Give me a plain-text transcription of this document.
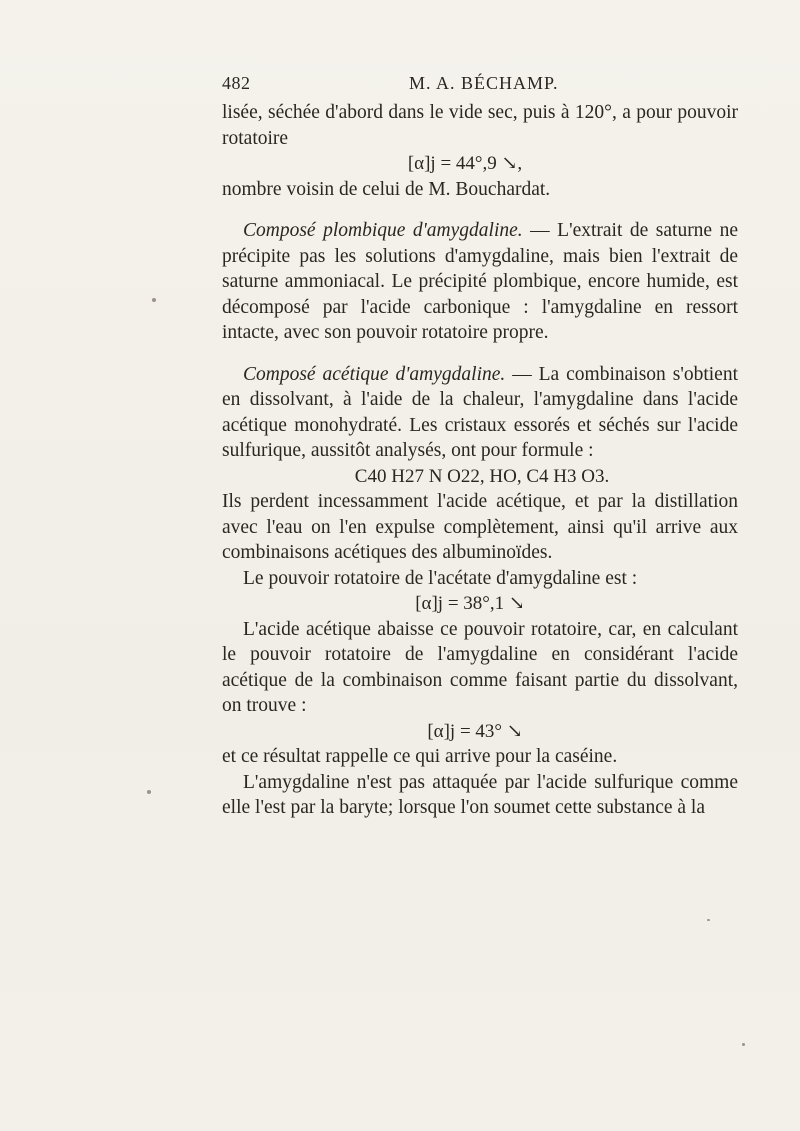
482	M. A. BÉCHAMP.

lisée, séchée d'abord dans le vide sec, puis à 120°, a pour pouvoir rotatoire

[α]j = 44°,9 ↘,

nombre voisin de celui de M. Bouchardat.

Composé plombique d'amygdaline. — L'extrait de saturne ne précipite pas les solutions d'amygdaline, mais bien l'extrait de saturne ammoniacal. Le précipité plombique, encore humide, est décomposé par l'acide carbonique : l'amygdaline en ressort intacte, avec son pouvoir rotatoire propre.

Composé acétique d'amygdaline. — La combinaison s'obtient en dissolvant, à l'aide de la chaleur, l'amygdaline dans l'acide acétique monohydraté. Les cristaux essorés et séchés sur l'acide sulfurique, aussitôt analysés, ont pour formule :

C40 H27 N O22, HO, C4 H3 O3.

Ils perdent incessamment l'acide acétique, et par la distillation avec l'eau on l'en expulse complètement, ainsi qu'il arrive aux combinaisons acétiques des albuminoïdes.

Le pouvoir rotatoire de l'acétate d'amygdaline est :

[α]j = 38°,1 ↘

L'acide acétique abaisse ce pouvoir rotatoire, car, en calculant le pouvoir rotatoire de l'amygdaline en considérant l'acide acétique de la combinaison comme faisant partie du dissolvant, on trouve :

[α]j = 43° ↘

et ce résultat rappelle ce qui arrive pour la caséine.

L'amygdaline n'est pas attaquée par l'acide sulfurique comme elle l'est par la baryte; lorsque l'on soumet cette substance à la
